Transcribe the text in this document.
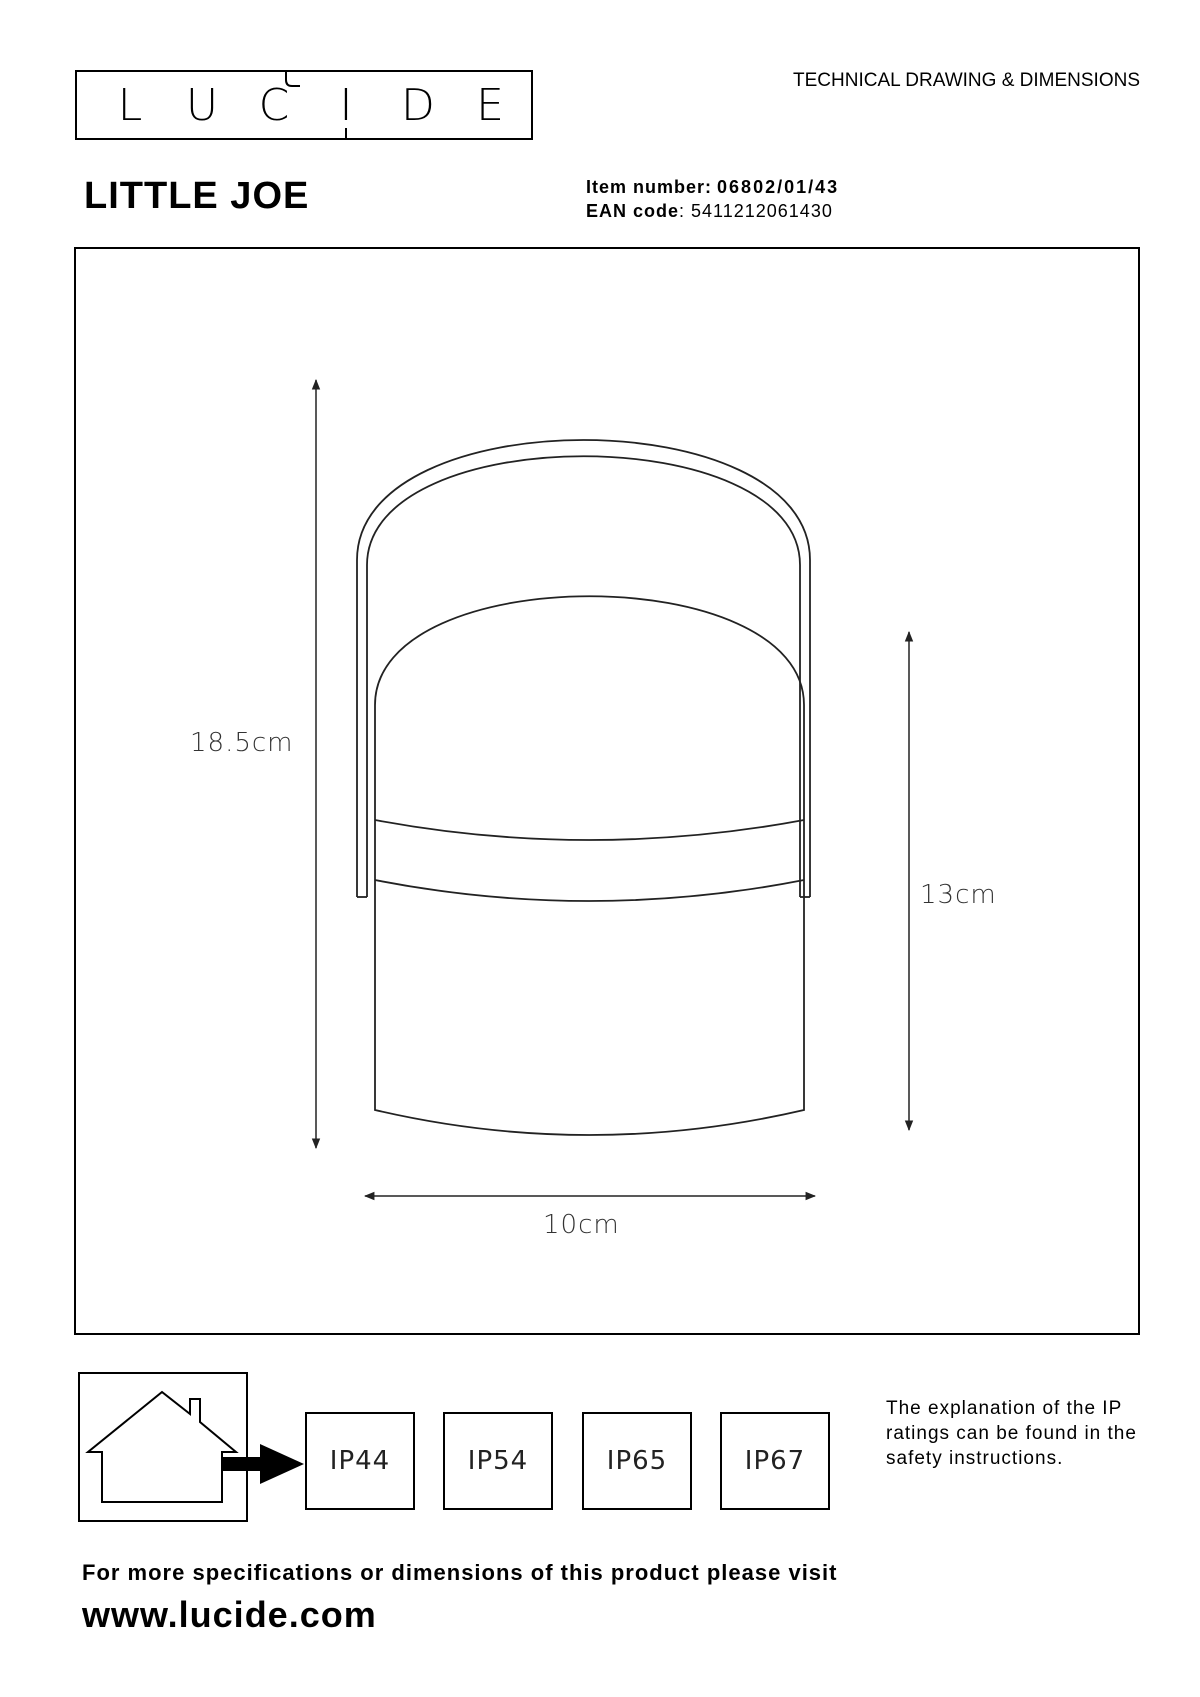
L U C	I	D E	TECHNICAL DRAWING & DIMENSIONS
LITTLE JOE	Item number: 06802/01/43
EAN code: 5411212061430
18.5cm
13cm
10cm
IP44	IP54	IP65	IP67
The explanation of the IP ratings can be found in the safety instructions.
For more specifications or dimensions of this product please visit
www.lucide.com
